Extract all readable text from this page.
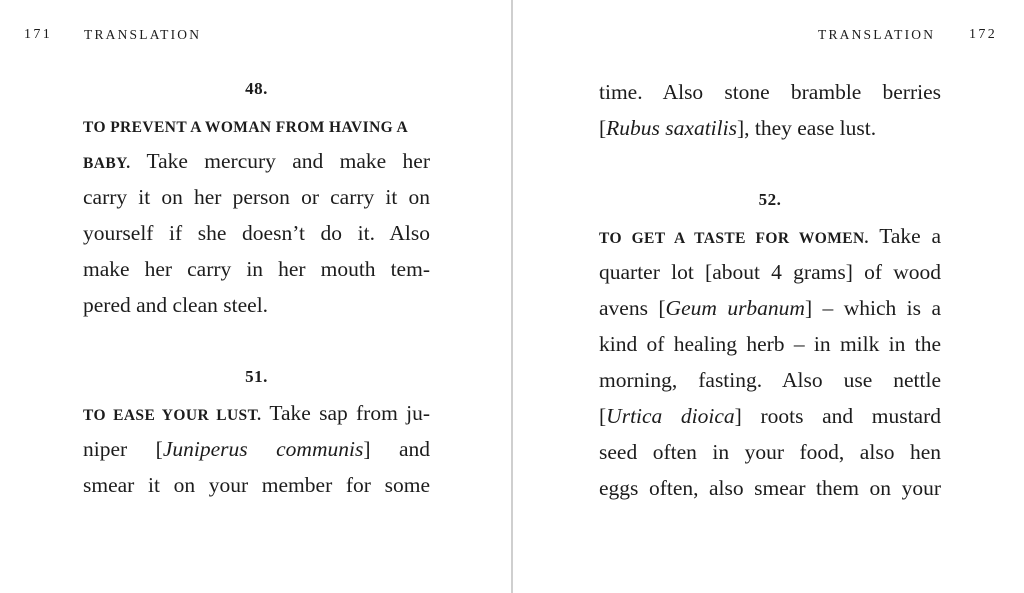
171 TRANSLATION
48.
TO PREVENT A WOMAN FROM HAVING A
BABY. Take mercury and make her
carry it on her person or carry it on
yourself if she doesn’t do it. Also
make her carry in her mouth tem-
pered and clean steel.
51.
TO EASE YOUR LUST. Take sap from ju-
niper [Juniperus communis] and
smear it on your member for some
TRANSLATION 172
time. Also stone bramble berries
[Rubus saxatilis], they ease lust.
52.
TO GET A TASTE FOR WOMEN. Take a
quarter lot [about 4 grams] of wood
avens [Geum urbanum] – which is a
kind of healing herb – in milk in the
morning, fasting. Also use nettle
[Urtica dioica] roots and mustard
seed often in your food, also hen
eggs often, also smear them on your
